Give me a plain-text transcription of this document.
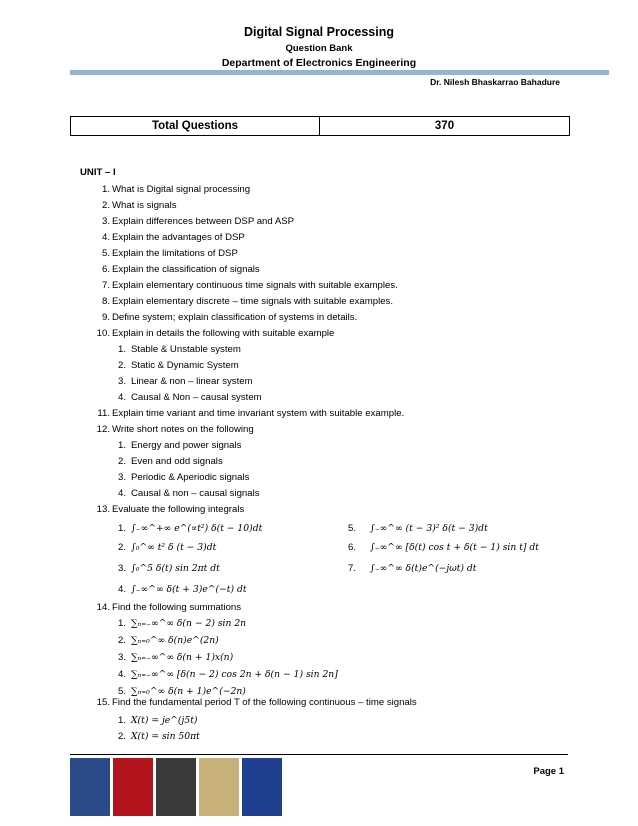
Digital Signal Processing
Question Bank
Department of Electronics Engineering
Dr. Nilesh Bhaskarrao Bahadure
Total Questions	370
UNIT – I
1. What is Digital signal processing
2. What is signals
3. Explain differences between DSP and ASP
4. Explain the advantages of DSP
5. Explain the limitations of DSP
6. Explain the classification of signals
7. Explain elementary continuous time signals with suitable examples.
8. Explain elementary discrete – time signals with suitable examples.
9. Define system; explain classification of systems in details.
10. Explain in details the following with suitable example
1. Stable & Unstable system
2. Static & Dynamic System
3. Linear & non – linear system
4. Causal & Non – causal system
11. Explain time variant and time invariant system with suitable example.
12. Write short notes on the following
1. Energy and power signals
2. Even and odd signals
3. Periodic & Aperiodic signals
4. Causal & non – causal signals
13. Evaluate the following integrals
1. ∫₋∞^+∞ e^(∝t²) δ(t − 10)dt
2. ∫₀^∞ t² δ (t − 3)dt
3. ∫₀^5 δ(t) sin 2πt dt
4. ∫₋∞^∞ δ(t + 3)e^(−t) dt
5. ∫₋∞^∞ (t − 3)² δ(t − 3)dt
6. ∫₋∞^∞ [δ(t) cos t + δ(t − 1) sin t] dt
7. ∫₋∞^∞ δ(t)e^(−jωt) dt
14. Find the following summations
1. ∑ₙ₌₋∞^∞ δ(n − 2) sin 2n
2. ∑ₙ₌₀^∞ δ(n)e^(2n)
3. ∑ₙ₌₋∞^∞ δ(n + 1)x(n)
4. ∑ₙ₌₋∞^∞ [δ(n − 2) cos 2n + δ(n − 1) sin 2n]
5. ∑ₙ₌₀^∞ δ(n + 1)e^(−2n)
15. Find the fundamental period T of the following continuous – time signals
1. X(t) = je^(j5t)
2. X(t) = sin 50πt
Page 1
